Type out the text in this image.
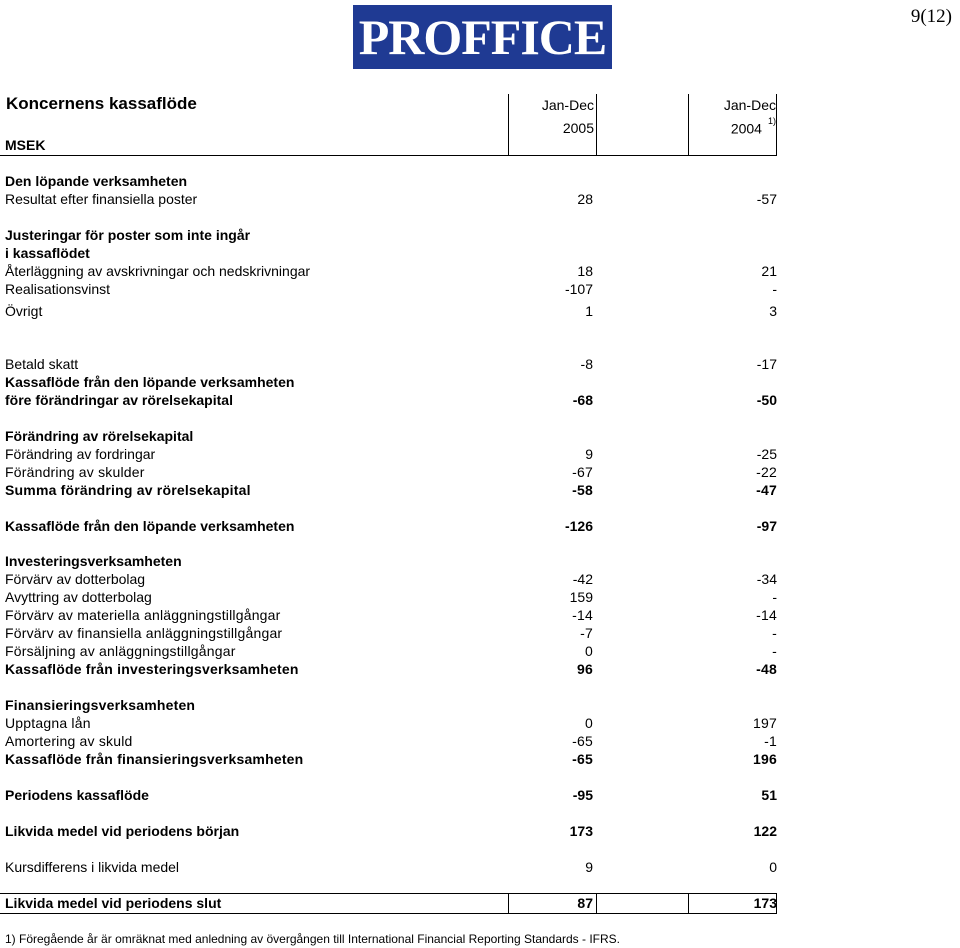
PROFFICE	9(12)
Koncernens kassaflöde
MSEK
Jan-Dec
2005
Jan-Dec
2004 $^{1)}$
Den löpande verksamheten
Resultat efter finansiella poster	28	-57
Justeringar för poster som inte ingår
i kassaflödet
Återläggning av avskrivningar och nedskrivningar	18	21
Realisationsvinst	-107	-
Övrigt	1	3
Betald skatt	-8	-17
Kassaflöde från den löpande verksamheten
före förändringar av rörelsekapital	-68	-50
Förändring av rörelsekapital
Förändring av fordringar	9	-25
Förändring av skulder	-67	-22
Summa förändring av rörelsekapital	-58	-47
Kassaflöde från den löpande verksamheten	-126	-97
Investeringsverksamheten
Förvärv av dotterbolag	-42	-34
Avyttring av dotterbolag	159	-
Förvärv av materiella anläggningstillgångar	-14	-14
Förvärv av finansiella anläggningstillgångar	-7	-
Försäljning av anläggningstillgångar	0	-
Kassaflöde från investeringsverksamheten	96	-48
Finansieringsverksamheten
Upptagna lån	0	197
Amortering av skuld	-65	-1
Kassaflöde från finansieringsverksamheten	-65	196
Periodens kassaflöde	-95	51
Likvida medel vid periodens början	173	122
Kursdifferens i likvida medel	9	0
Likvida medel vid periodens slut	87	173
1) Föregående år är omräknat med anledning av övergången till International Financial Reporting Standards - IFRS.
